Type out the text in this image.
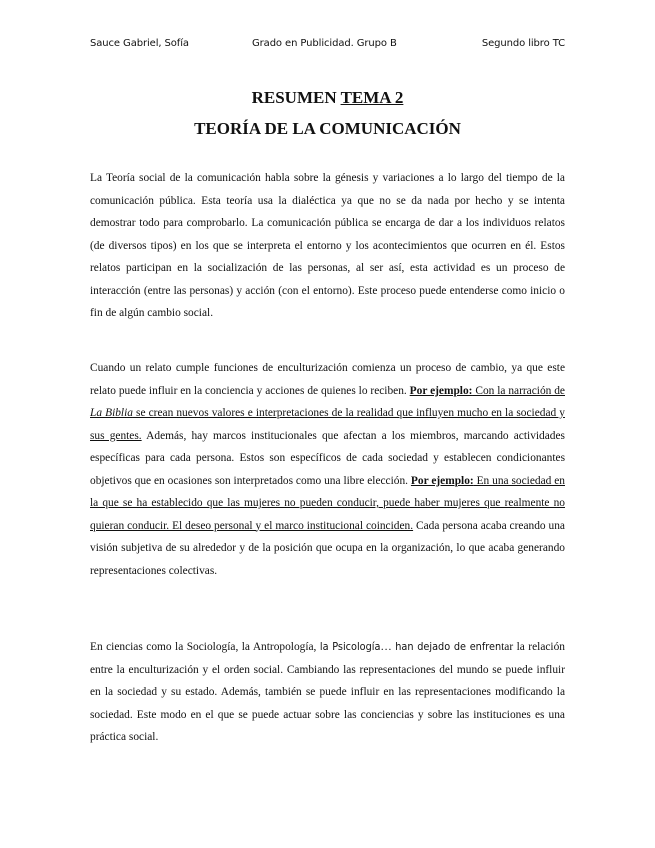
Sauce Gabriel, Sofía	Grado en Publicidad. Grupo B	Segundo libro TC
RESUMEN TEMA 2
TEORÍA DE LA COMUNICACIÓN
La Teoría social de la comunicación habla sobre la génesis y variaciones a lo largo del tiempo de la comunicación pública. Esta teoría usa la dialéctica ya que no se da nada por hecho y se intenta demostrar todo para comprobarlo. La comunicación pública se encarga de dar a los individuos relatos (de diversos tipos) en los que se interpreta el entorno y los acontecimientos que ocurren en él. Estos relatos participan en la socialización de las personas, al ser así, esta actividad es un proceso de interacción (entre las personas) y acción (con el entorno). Este proceso puede entenderse como inicio o fin de algún cambio social.
Cuando un relato cumple funciones de enculturización comienza un proceso de cambio, ya que este relato puede influir en la conciencia y acciones de quienes lo reciben. Por ejemplo: Con la narración de La Biblia se crean nuevos valores e interpretaciones de la realidad que influyen mucho en la sociedad y sus gentes. Además, hay marcos institucionales que afectan a los miembros, marcando actividades específicas para cada persona. Estos son específicos de cada sociedad y establecen condicionantes objetivos que en ocasiones son interpretados como una libre elección. Por ejemplo: En una sociedad en la que se ha establecido que las mujeres no pueden conducir, puede haber mujeres que realmente no quieran conducir. El deseo personal y el marco institucional coinciden. Cada persona acaba creando una visión subjetiva de su alrededor y de la posición que ocupa en la organización, lo que acaba generando representaciones colectivas.
En ciencias como la Sociología, la Antropología, la Psicología… han dejado de enfrentar la relación entre la enculturización y el orden social. Cambiando las representaciones del mundo se puede influir en la sociedad y su estado. Además, también se puede influir en las representaciones modificando la sociedad. Este modo en el que se puede actuar sobre las conciencias y sobre las instituciones es una práctica social.
